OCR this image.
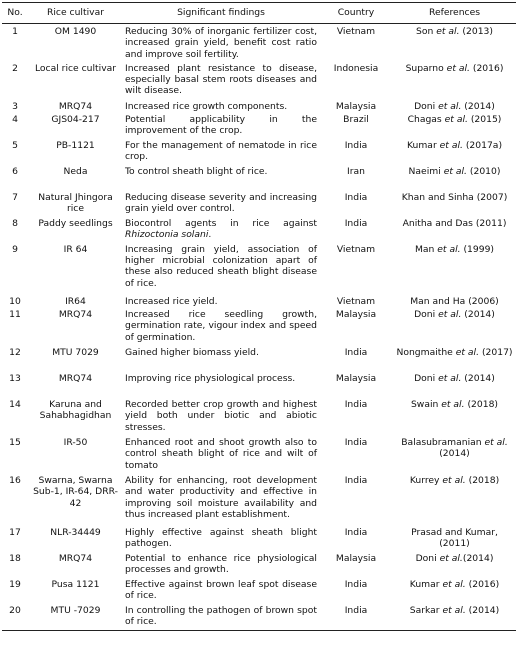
No.	Rice cultivar	Significant findings	Country	References
1	OM 1490	Reducing 30% of inorganic fertilizer cost, increased grain yield, benefit cost ratio and improve soil fertility.	Vietnam	Son et al. (2013)
2	Local rice cultivar	Increased plant resistance to disease, especially basal stem roots diseases and wilt disease.	Indonesia	Suparno et al. (2016)
3	MRQ74	Increased rice growth components.	Malaysia	Doni et al. (2014)
4	GJS04-217	Potential applicability in the improvement of the crop.	Brazil	Chagas et al. (2015)
5	PB-1121	For the management of nematode in rice crop.	India	Kumar et al. (2017a)
6	Neda	To control sheath blight of rice.	Iran	Naeimi et al. (2010)
7	Natural Jhingora rice	Reducing disease severity and increasing grain yield over control.	India	Khan and Sinha (2007)
8	Paddy seedlings	Biocontrol agents in rice against Rhizoctonia solani.	India	Anitha and Das (2011)
9	IR 64	Increasing grain yield, association of higher microbial colonization apart of these also reduced sheath blight disease of rice.	Vietnam	Man et al. (1999)
10	IR64	Increased rice yield.	Vietnam	Man and Ha (2006)
11	MRQ74	Increased rice seedling growth, germination rate, vigour index and speed of germination.	Malaysia	Doni et al. (2014)
12	MTU 7029	Gained higher biomass yield.	India	Nongmaithe et al. (2017)
13	MRQ74	Improving rice physiological process.	Malaysia	Doni et al. (2014)
14	Karuna and Sahabhagidhan	Recorded better crop growth and highest yield both under biotic and abiotic stresses.	India	Swain et al. (2018)
15	IR-50	Enhanced root and shoot growth also to control sheath blight of rice and wilt of tomato	India	Balasubramanian et al. (2014)
16	Swarna, Swarna Sub-1, IR-64, DRR-42	Ability for enhancing, root development and water productivity and effective in improving soil moisture availability and thus increased plant establishment.	India	Kurrey et al. (2018)
17	NLR-34449	Highly effective against sheath blight pathogen.	India	Prasad and Kumar, (2011)
18	MRQ74	Potential to enhance rice physiological processes and growth.	Malaysia	Doni et al.(2014)
19	Pusa 1121	Effective against brown leaf spot disease of rice.	India	Kumar et al. (2016)
20	MTU -7029	In controlling the pathogen of brown spot of rice.	India	Sarkar et al. (2014)
